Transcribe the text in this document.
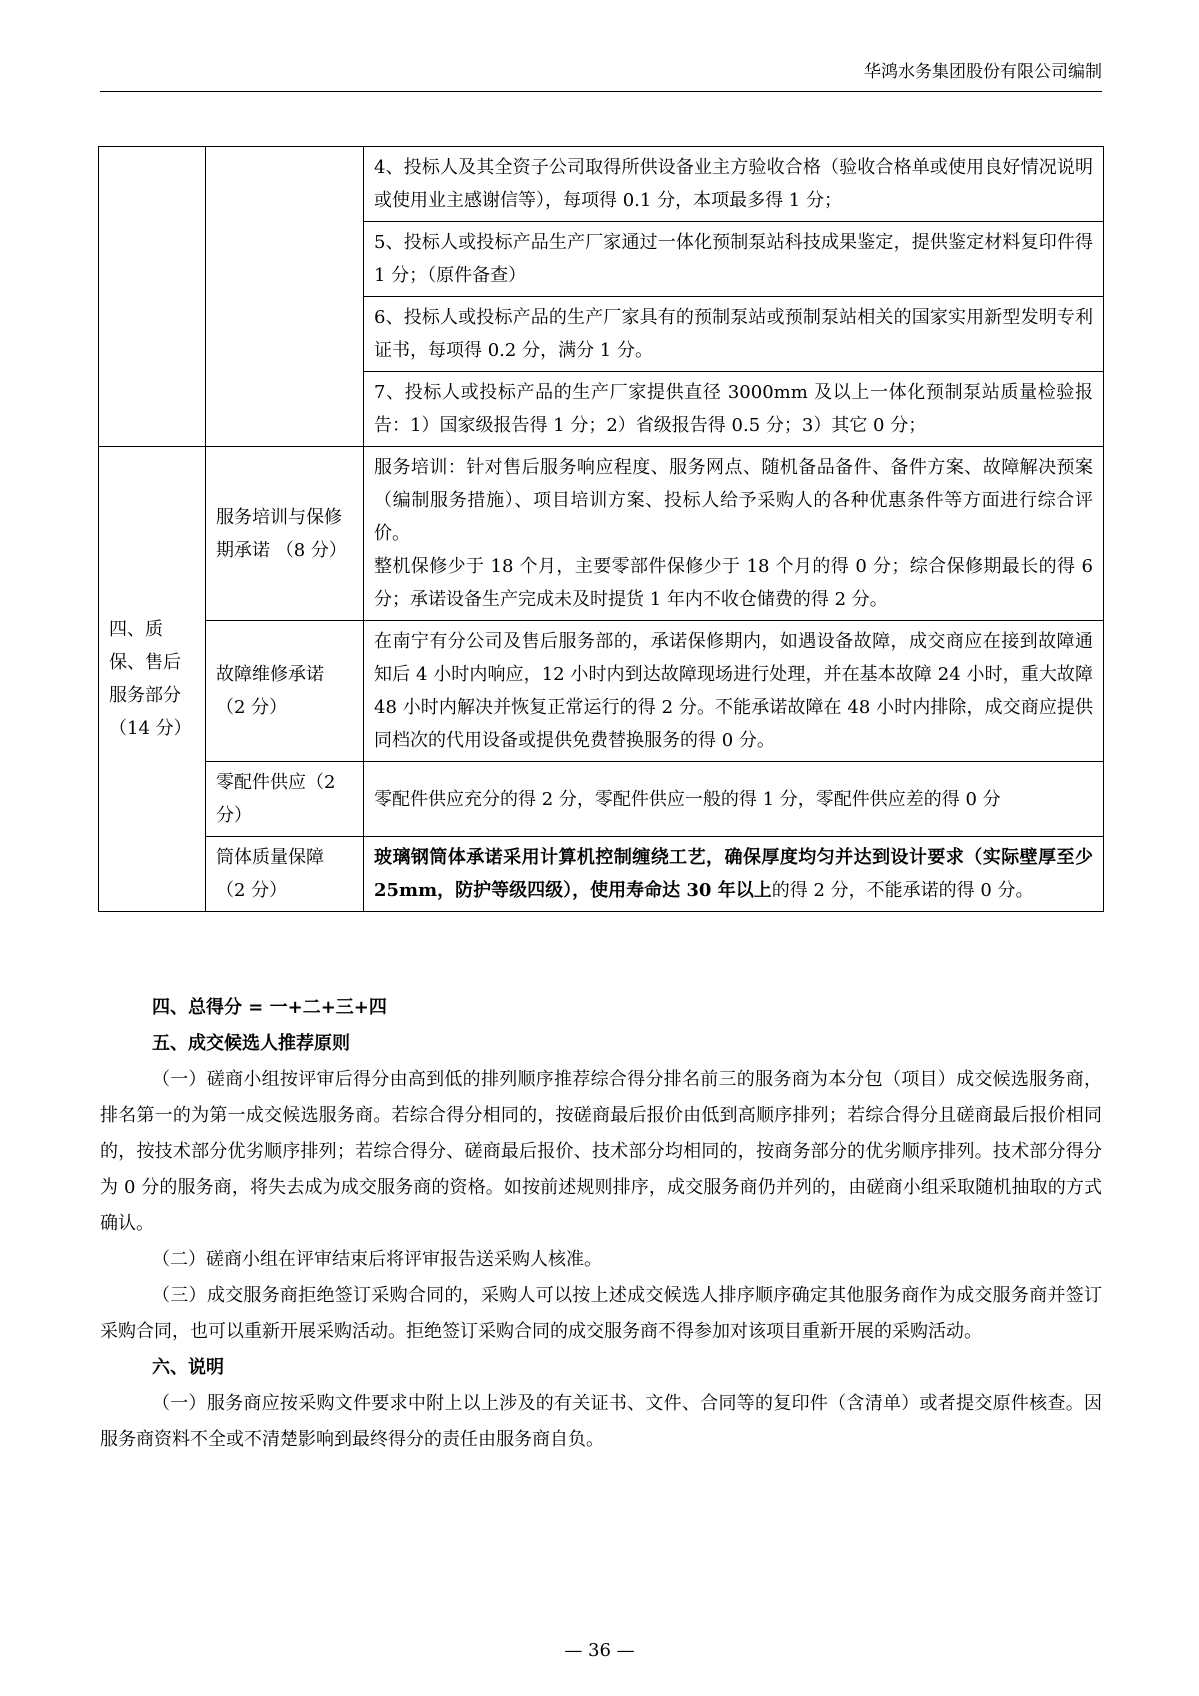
华鸿水务集团股份有限公司编制
		4、投标人及其全资子公司取得所供设备业主方验收合格（验收合格单或使用良好情况说明或使用业主感谢信等），每项得 0.1 分，本项最多得 1 分；
		5、投标人或投标产品生产厂家通过一体化预制泵站科技成果鉴定，提供鉴定材料复印件得 1 分；（原件备查）
		6、投标人或投标产品的生产厂家具有的预制泵站或预制泵站相关的国家实用新型发明专利证书，每项得 0.2 分，满分 1 分。
		7、投标人或投标产品的生产厂家提供直径 3000mm 及以上一体化预制泵站质量检验报告：1）国家级报告得 1 分；2）省级报告得 0.5 分；3）其它 0 分；
四、质保、售后服务部分（14 分）	服务培训与保修期承诺 （8 分）	服务培训：针对售后服务响应程度、服务网点、随机备品备件、备件方案、故障解决预案（编制服务措施）、项目培训方案、投标人给予采购人的各种优惠条件等方面进行综合评价。

整机保修少于 18 个月，主要零部件保修少于 18 个月的得 0 分；综合保修期最长的得 6 分；承诺设备生产完成未及时提货 1 年内不收仓储费的得 2 分。

	故障维修承诺（2 分）	在南宁有分公司及售后服务部的，承诺保修期内，如遇设备故障，成交商应在接到故障通知后 4 小时内响应，12 小时内到达故障现场进行处理，并在基本故障 24 小时，重大故障 48 小时内解决并恢复正常运行的得 2 分。不能承诺故障在 48 小时内排除，成交商应提供同档次的代用设备或提供免费替换服务的得 0 分。
	零配件供应（2 分）	零配件供应充分的得 2 分，零配件供应一般的得 1 分，零配件供应差的得 0 分
	筒体质量保障（2 分）	玻璃钢筒体承诺采用计算机控制缠绕工艺，确保厚度均匀并达到设计要求（实际壁厚至少 25mm，防护等级四级），使用寿命达 30 年以上的得 2 分，不能承诺的得 0 分。

四、总得分 = 一+二+三+四

五、成交候选人推荐原则

（一）磋商小组按评审后得分由高到低的排列顺序推荐综合得分排名前三的服务商为本分包（项目）成交候选服务商，排名第一的为第一成交候选服务商。若综合得分相同的，按磋商最后报价由低到高顺序排列；若综合得分且磋商最后报价相同的，按技术部分优劣顺序排列；若综合得分、磋商最后报价、技术部分均相同的，按商务部分的优劣顺序排列。技术部分得分为 0 分的服务商，将失去成为成交服务商的资格。如按前述规则排序，成交服务商仍并列的，由磋商小组采取随机抽取的方式确认。

（二）磋商小组在评审结束后将评审报告送采购人核准。

（三）成交服务商拒绝签订采购合同的，采购人可以按上述成交候选人排序顺序确定其他服务商作为成交服务商并签订采购合同，也可以重新开展采购活动。拒绝签订采购合同的成交服务商不得参加对该项目重新开展的采购活动。

六、说明

（一）服务商应按采购文件要求中附上以上涉及的有关证书、文件、合同等的复印件（含清单）或者提交原件核查。因服务商资料不全或不清楚影响到最终得分的责任由服务商自负。

— 36 —
